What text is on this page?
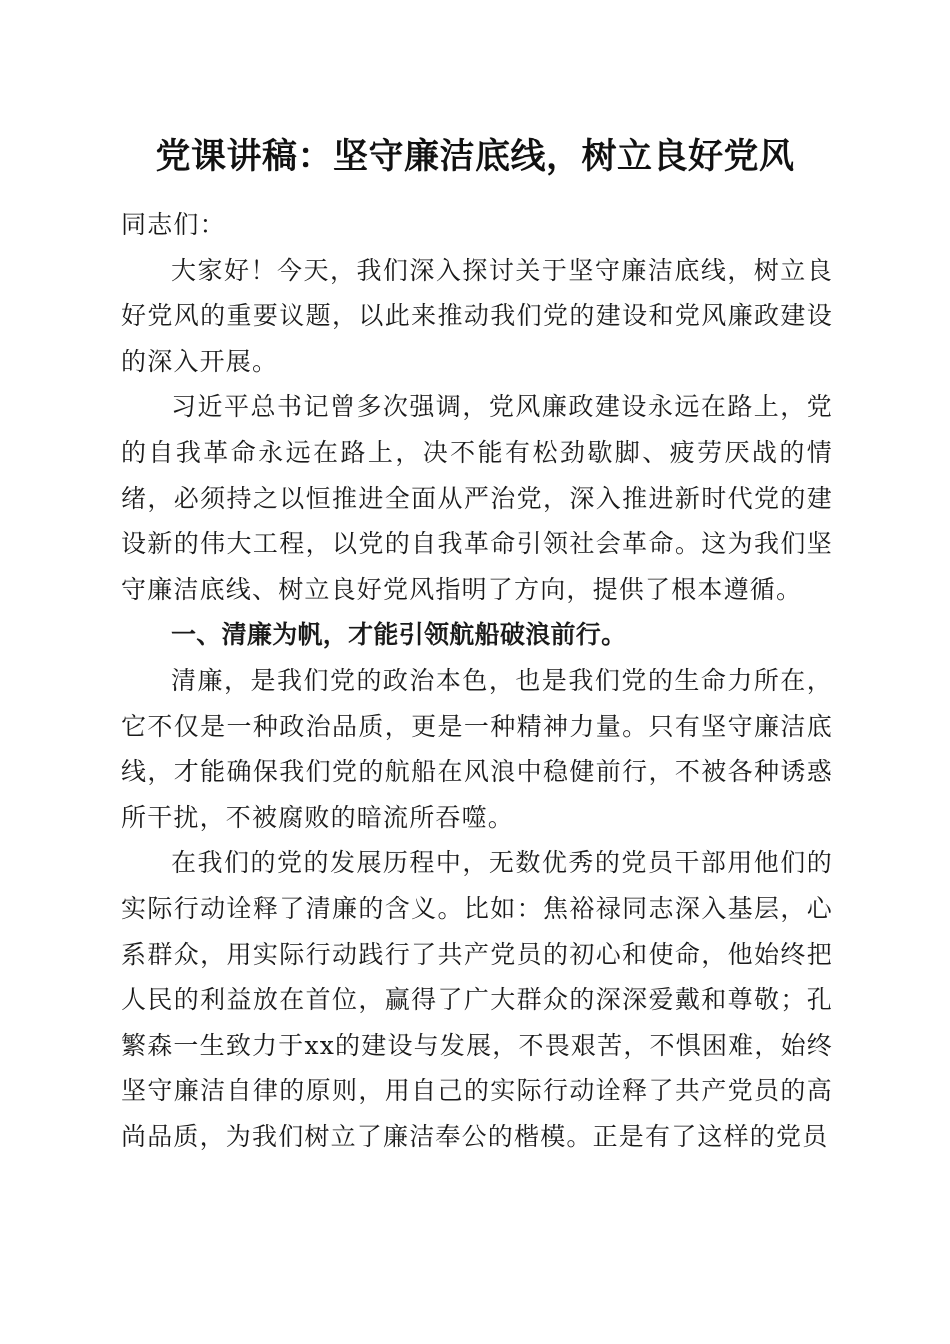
党课讲稿：坚守廉洁底线，树立良好党风

同志们：

大家好！今天，我们深入探讨关于坚守廉洁底线，树立良好党风的重要议题，以此来推动我们党的建设和党风廉政建设的深入开展。

习近平总书记曾多次强调，党风廉政建设永远在路上，党的自我革命永远在路上，决不能有松劲歇脚、疲劳厌战的情绪，必须持之以恒推进全面从严治党，深入推进新时代党的建设新的伟大工程，以党的自我革命引领社会革命。这为我们坚守廉洁底线、树立良好党风指明了方向，提供了根本遵循。

一、清廉为帆，才能引领航船破浪前行。

清廉，是我们党的政治本色，也是我们党的生命力所在，它不仅是一种政治品质，更是一种精神力量。只有坚守廉洁底线，才能确保我们党的航船在风浪中稳健前行，不被各种诱惑所干扰，不被腐败的暗流所吞噬。

在我们的党的发展历程中，无数优秀的党员干部用他们的实际行动诠释了清廉的含义。比如：焦裕禄同志深入基层，心系群众，用实际行动践行了共产党员的初心和使命，他始终把人民的利益放在首位，赢得了广大群众的深深爱戴和尊敬；孔繁森一生致力于xx的建设与发展，不畏艰苦，不惧困难，始终坚守廉洁自律的原则，用自己的实际行动诠释了共产党员的高尚品质，为我们树立了廉洁奉公的楷模。正是有了这样的党员
